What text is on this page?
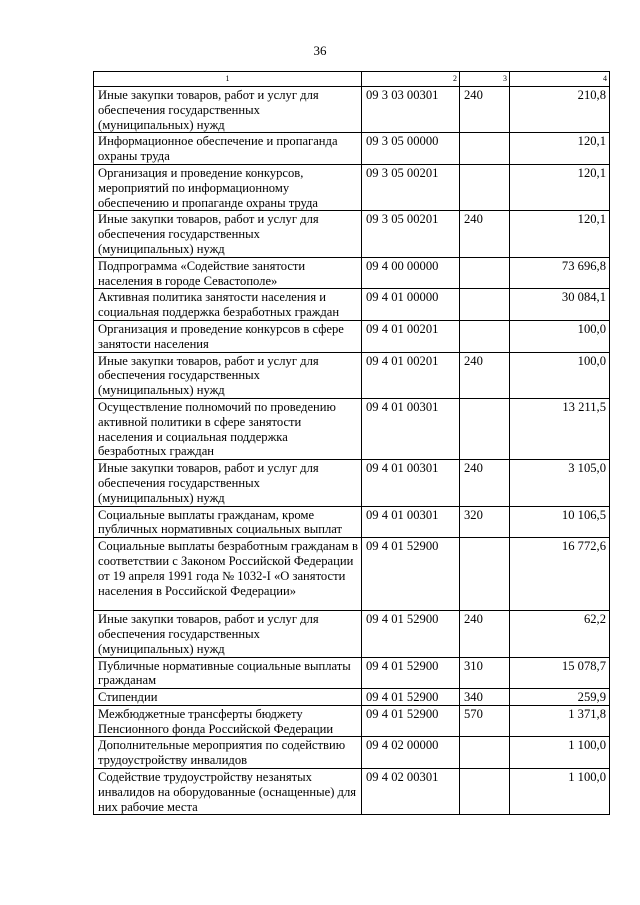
36
1	2	3	4
Иные закупки товаров, работ и услуг для обеспечения государственных (муниципальных) нужд	09 3 03 00301	240	210,8
Информационное обеспечение и пропаганда охраны труда	09 3 05 00000		120,1
Организация и проведение конкурсов, мероприятий по информационному обеспечению и пропаганде охраны труда	09 3 05 00201		120,1
Иные закупки товаров, работ и услуг для обеспечения государственных (муниципальных) нужд	09 3 05 00201	240	120,1
Подпрограмма «Содействие занятости населения в городе Севастополе»	09 4 00 00000		73 696,8
Активная политика занятости населения и социальная поддержка безработных граждан	09 4 01 00000		30 084,1
Организация и проведение конкурсов в сфере занятости населения	09 4 01 00201		100,0
Иные закупки товаров, работ и услуг для обеспечения государственных (муниципальных) нужд	09 4 01 00201	240	100,0
Осуществление полномочий по проведению активной политики в сфере занятости населения и социальная поддержка безработных граждан	09 4 01 00301		13 211,5
Иные закупки товаров, работ и услуг для обеспечения государственных (муниципальных) нужд	09 4 01 00301	240	3 105,0
Социальные выплаты гражданам, кроме публичных нормативных социальных выплат	09 4 01 00301	320	10 106,5
Социальные выплаты безработным гражданам в соответствии с Законом Российской Федерации от 19 апреля 1991 года № 1032-I «О занятости населения в Российской Федерации»	09 4 01 52900		16 772,6
Иные закупки товаров, работ и услуг для обеспечения государственных (муниципальных) нужд	09 4 01 52900	240	62,2
Публичные нормативные социальные выплаты гражданам	09 4 01 52900	310	15 078,7
Стипендии	09 4 01 52900	340	259,9
Межбюджетные трансферты бюджету Пенсионного фонда Российской Федерации	09 4 01 52900	570	1 371,8
Дополнительные мероприятия по содействию трудоустройству инвалидов	09 4 02 00000		1 100,0
Содействие трудоустройству незанятых инвалидов на оборудованные (оснащенные) для них рабочие места	09 4 02 00301		1 100,0
